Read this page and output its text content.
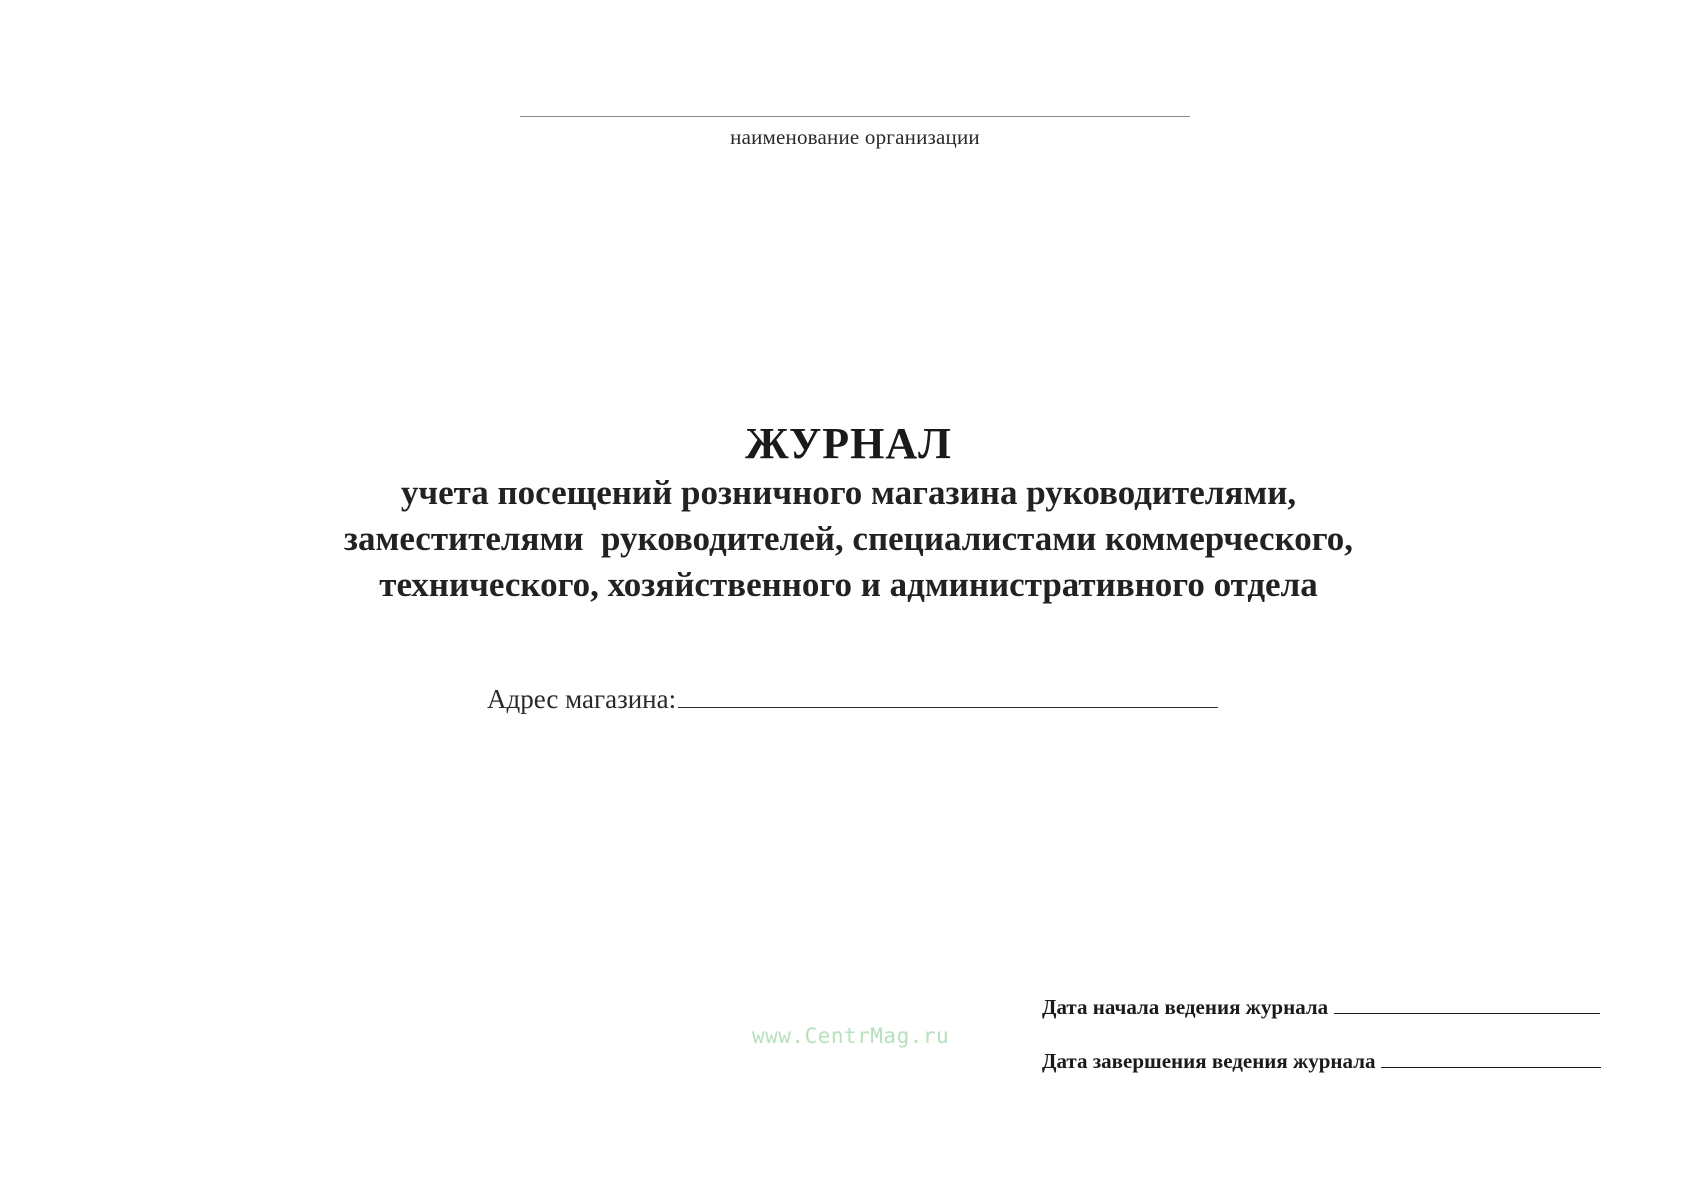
наименование организации
ЖУРНАЛ
учета посещений розничного магазина руководителями,
заместителями  руководителей, специалистами коммерческого,
технического, хозяйственного и административного отдела
Адрес магазина:
www.CentrMag.ru
Дата начала ведения журнала
Дата завершения ведения журнала
